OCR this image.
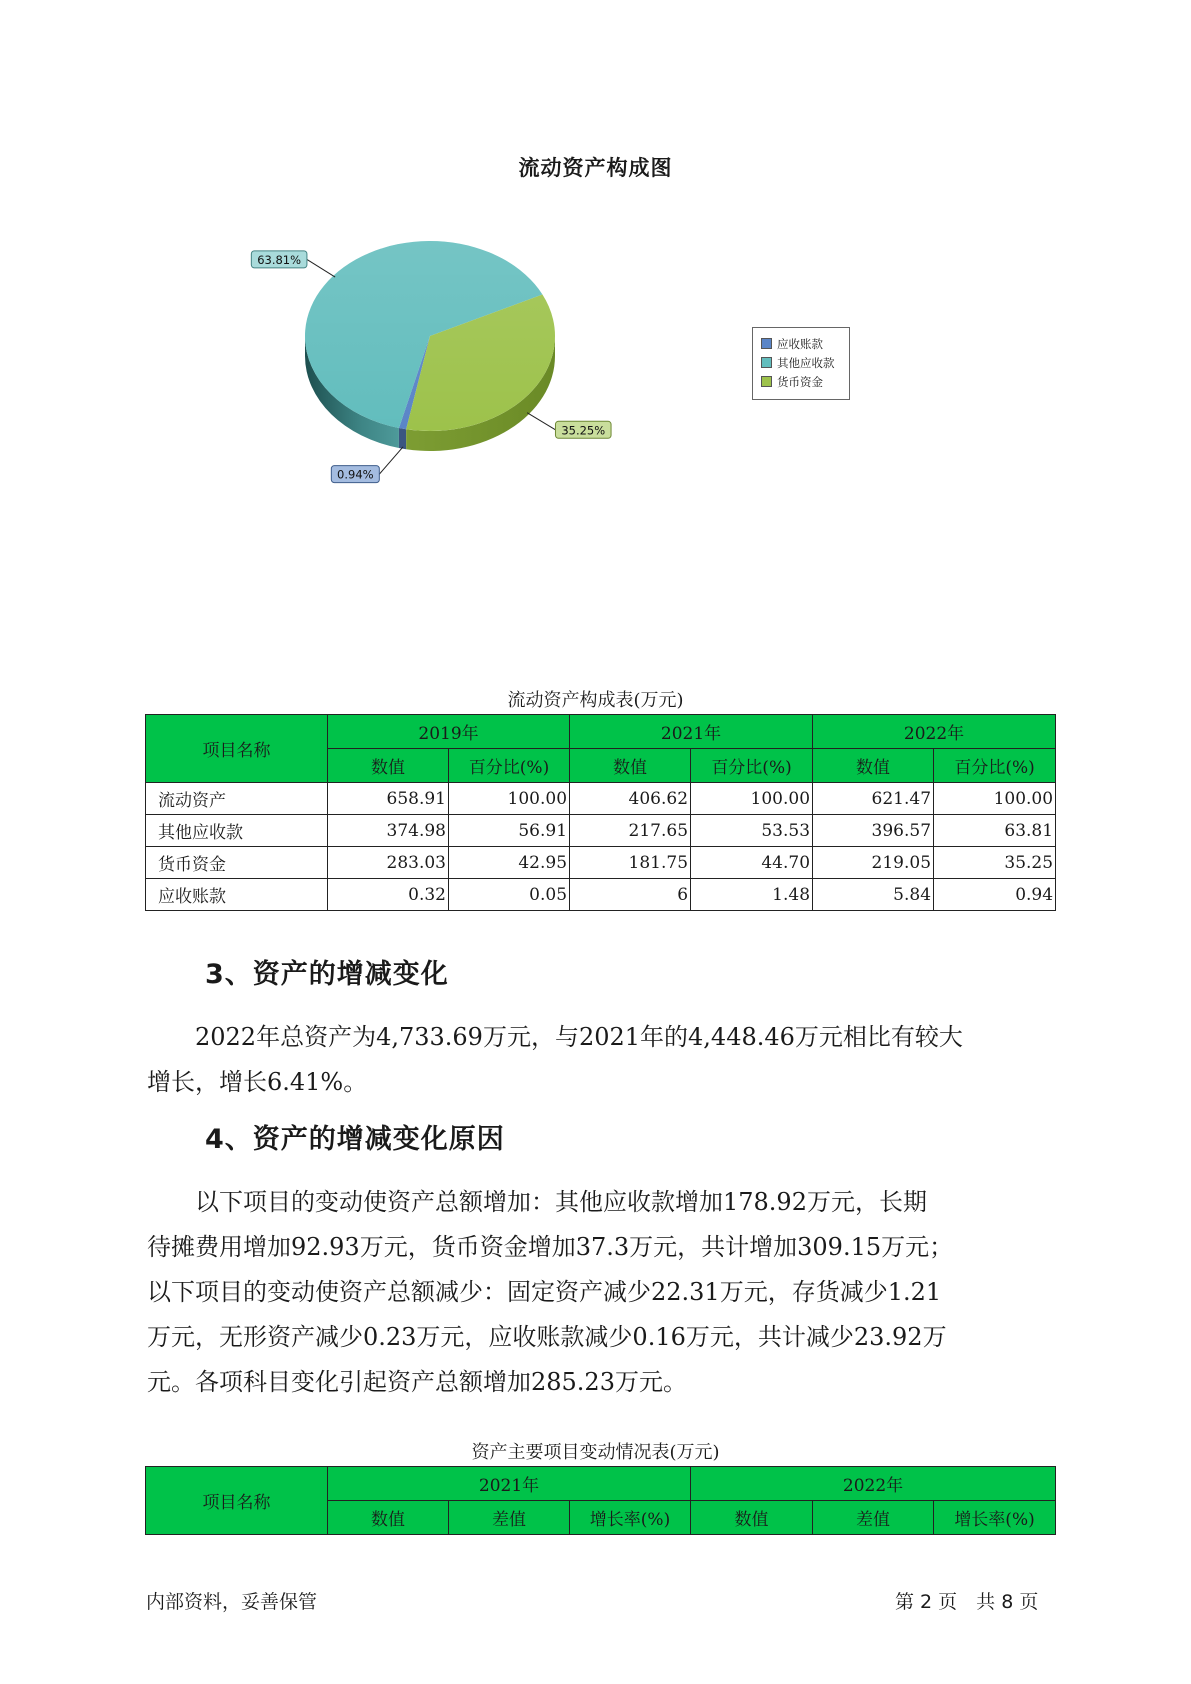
流动资产构成图
0.94%
63.81%
35.25%
应收账款
其他应收款
货币资金
流动资产构成表(万元)
项目名称	2019年		2021年		2022年	
	数值	百分比(%)	数值	百分比(%)	数值	百分比(%)
流动资产	658.91	100.00	406.62	100.00	621.47	100.00
其他应收款	374.98	56.91	217.65	53.53	396.57	63.81
货币资金	283.03	42.95	181.75	44.70	219.05	35.25
应收账款	0.32	0.05	6	1.48	5.84	0.94
3、资产的增减变化
　　2022年总资产为4,733.69万元，与2021年的4,448.46万元相比有较大
增长，增长6.41%。
4、资产的增减变化原因
　　以下项目的变动使资产总额增加：其他应收款增加178.92万元，长期
待摊费用增加92.93万元，货币资金增加37.3万元，共计增加309.15万元；
以下项目的变动使资产总额减少：固定资产减少22.31万元，存货减少1.21
万元，无形资产减少0.23万元，应收账款减少0.16万元，共计减少23.92万
元。各项科目变化引起资产总额增加285.23万元。
资产主要项目变动情况表(万元)
项目名称	2021年			2022年		
	数值	差值	增长率(%)	数值	差值	增长率(%)
内部资料，妥善保管	第 2 页　共 8 页
